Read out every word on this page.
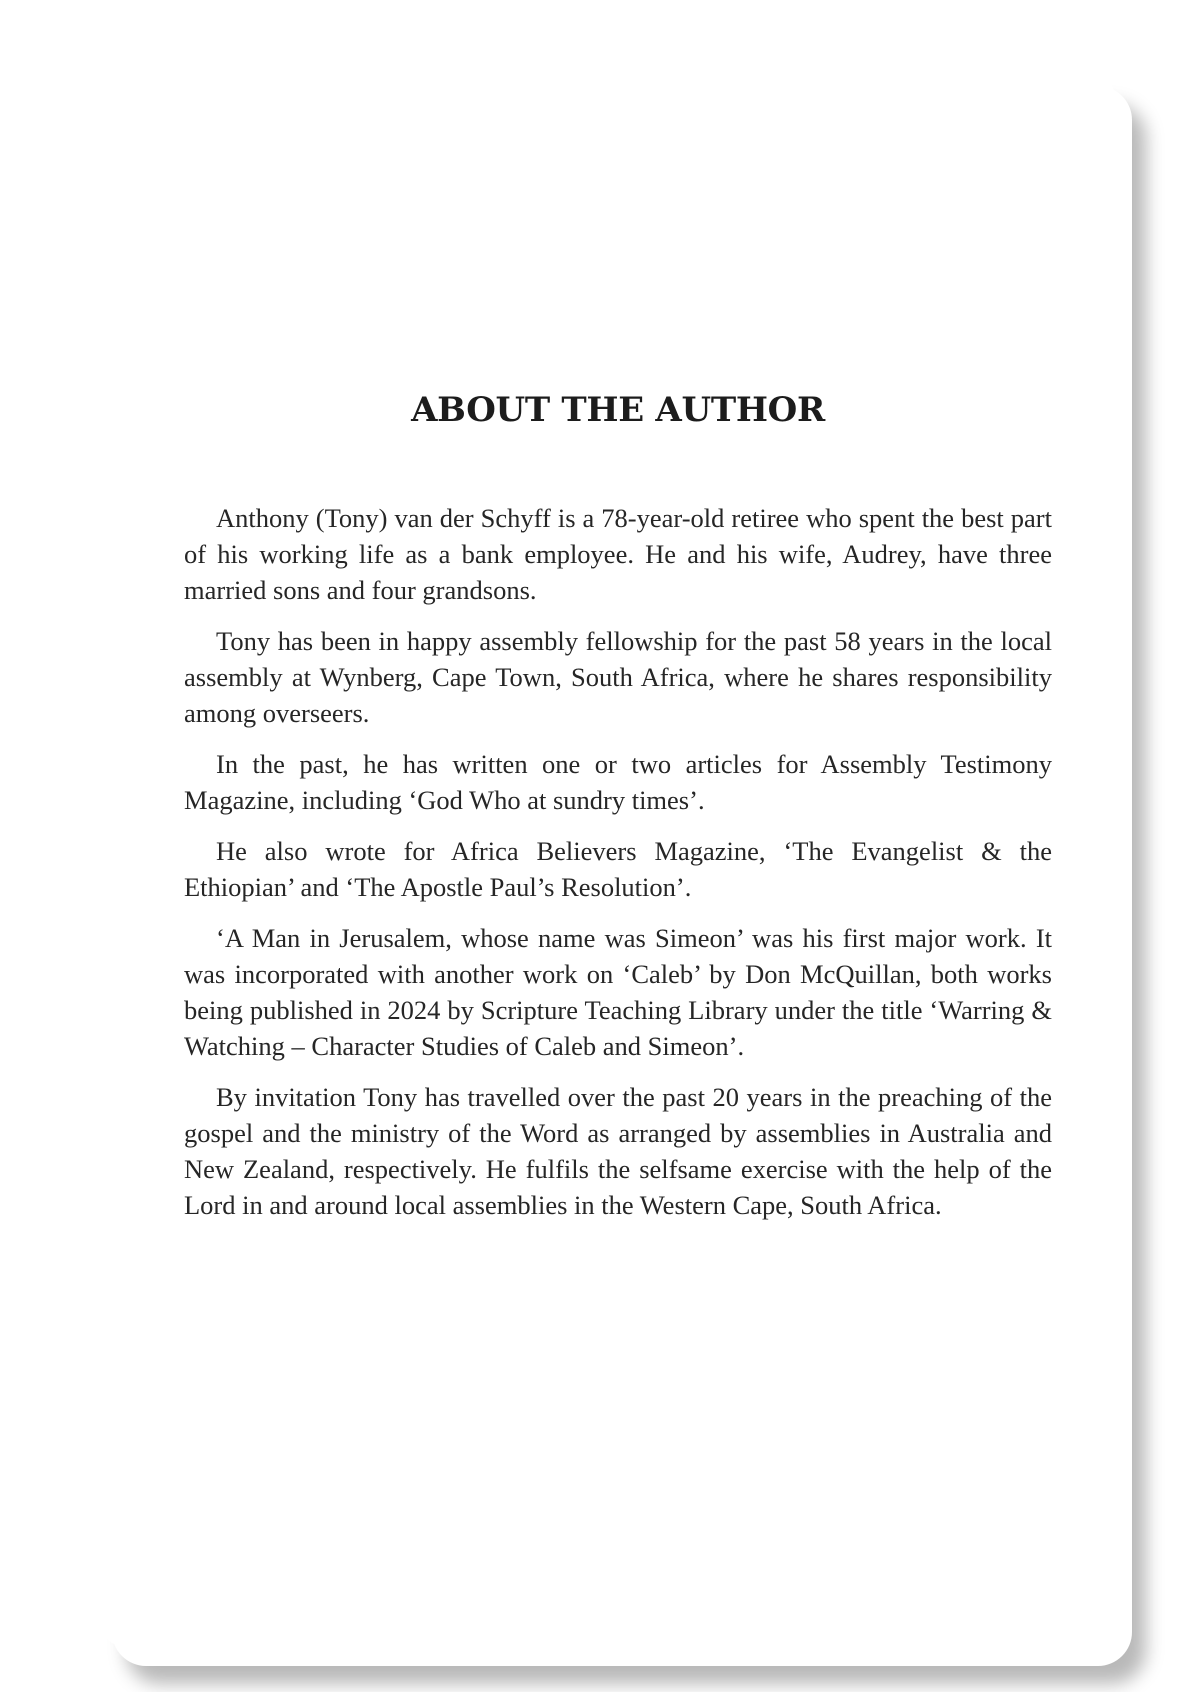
ABOUT THE AUTHOR

Anthony (Tony) van der Schyff is a 78-year-old retiree who spent the best part of his working life as a bank employee. He and his wife, Audrey, have three married sons and four grandsons.

Tony has been in happy assembly fellowship for the past 58 years in the local assembly at Wynberg, Cape Town, South Africa, where he shares responsibility among overseers.

In the past, he has written one or two articles for Assembly Testimony Magazine, including ‘God Who at sundry times’.

He also wrote for Africa Believers Magazine, ‘The Evangelist & the Ethiopian’ and ‘The Apostle Paul’s Resolution’.

‘A Man in Jerusalem, whose name was Simeon’ was his first major work. It was incorporated with another work on ‘Caleb’ by Don McQuillan, both works being published in 2024 by Scripture Teaching Library under the title ‘Warring & Watching – Character Studies of Caleb and Simeon’.

By invitation Tony has travelled over the past 20 years in the preaching of the gospel and the ministry of the Word as arranged by assemblies in Australia and New Zealand, respectively. He fulfils the selfsame exercise with the help of the Lord in and around local assemblies in the Western Cape, South Africa.
